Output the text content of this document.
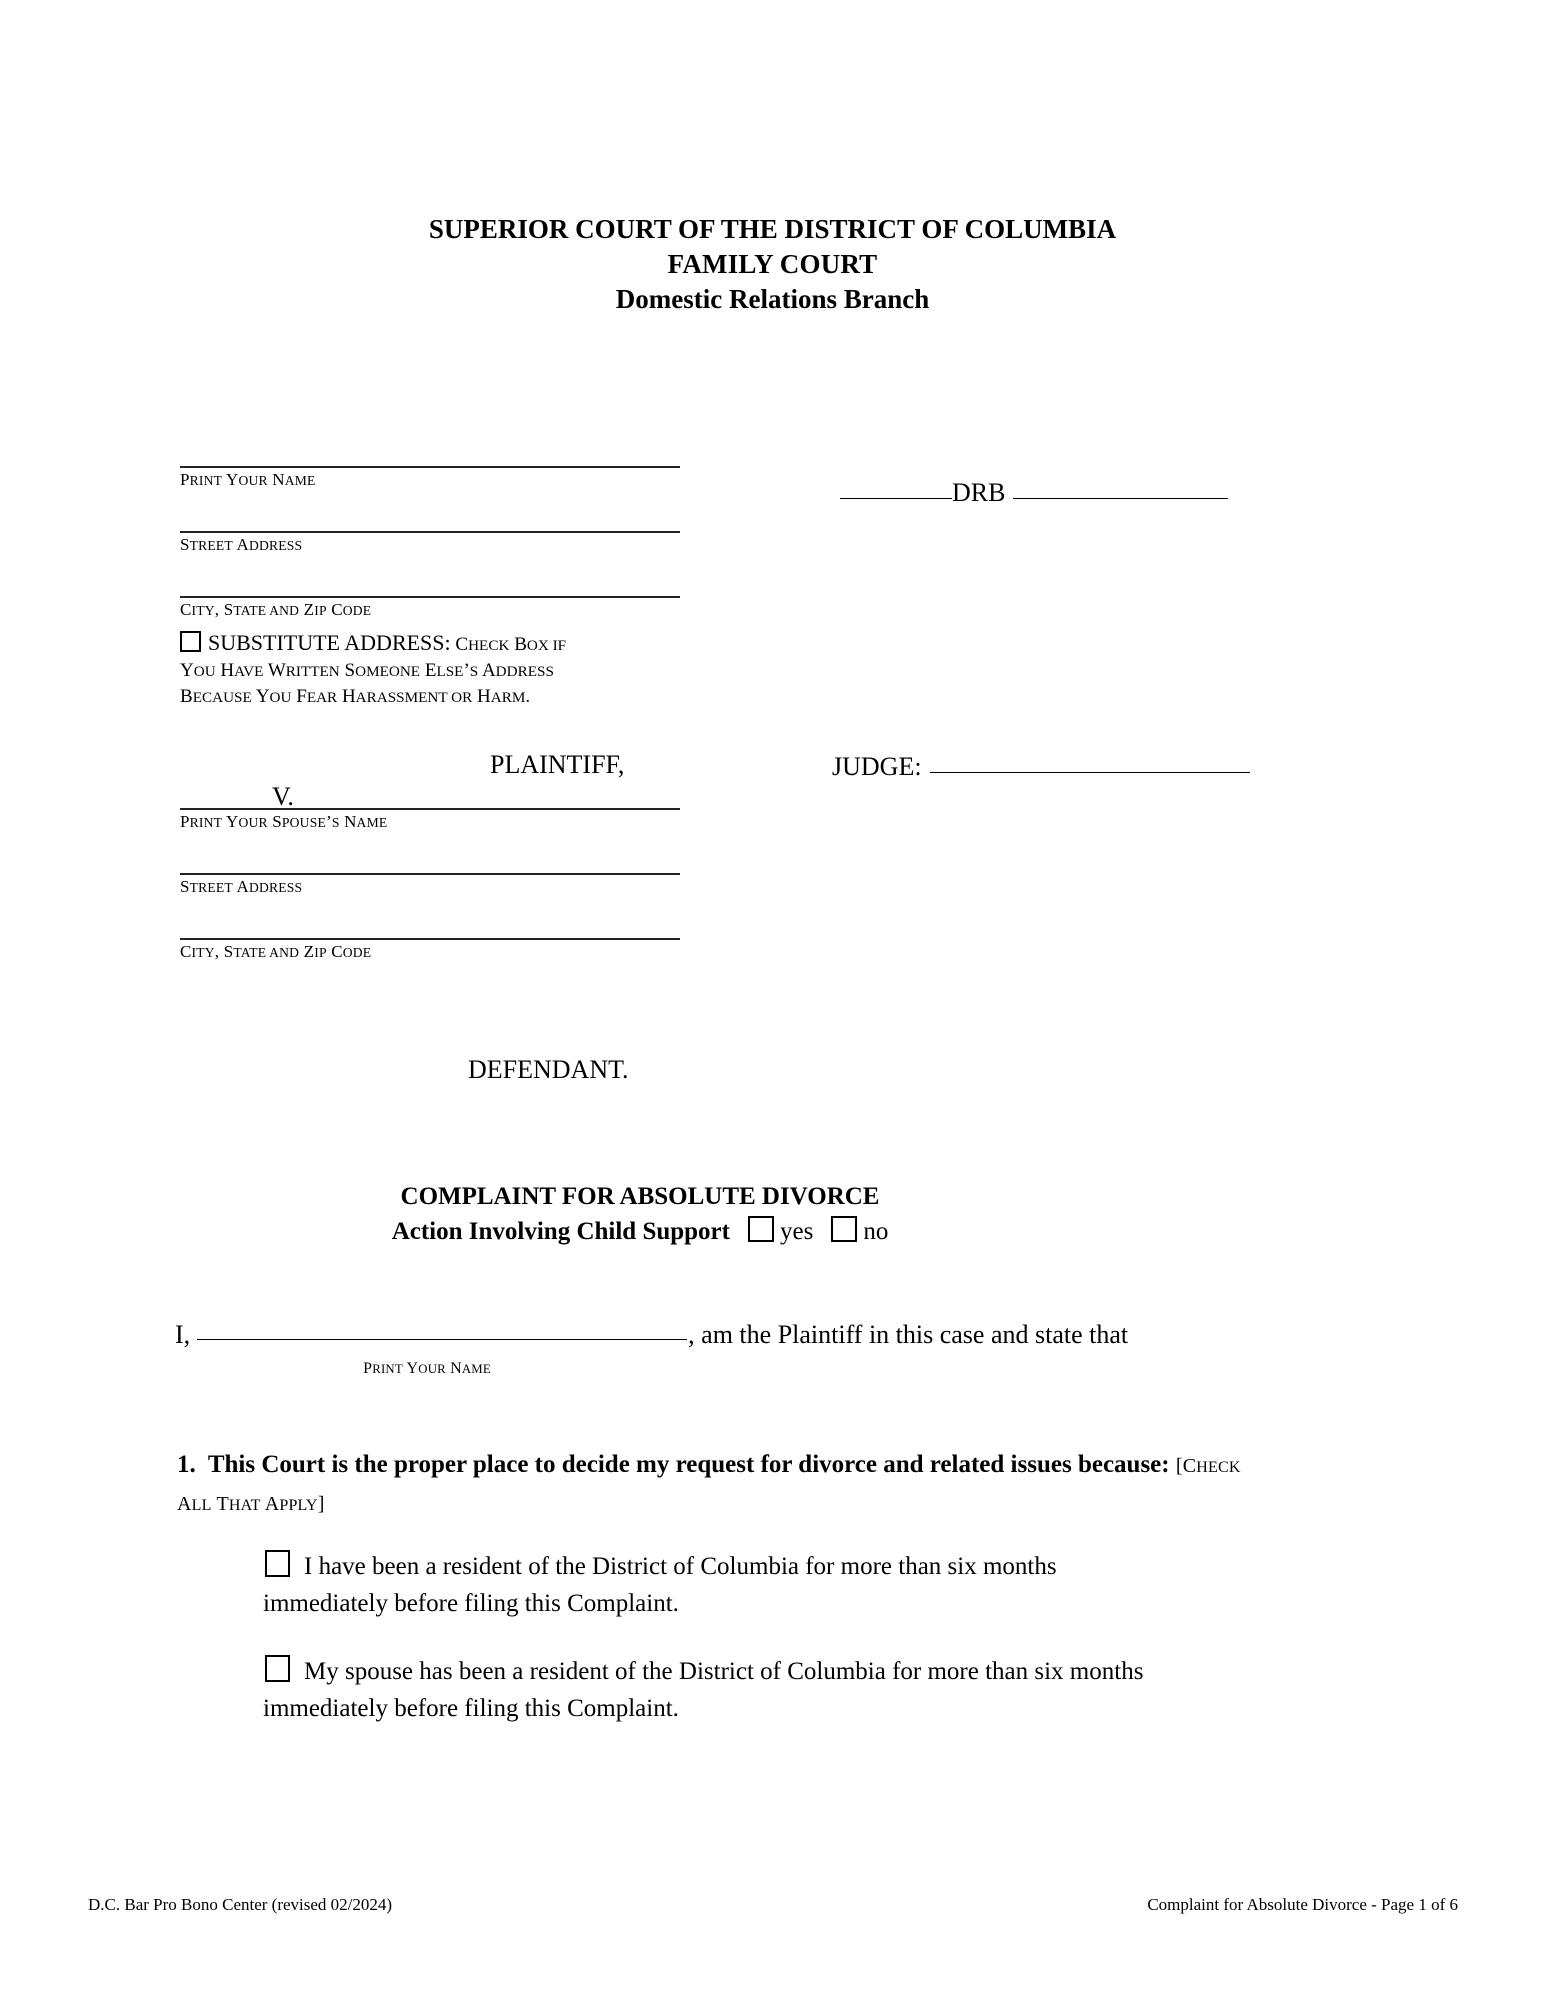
SUPERIOR COURT OF THE DISTRICT OF COLUMBIA
FAMILY COURT
Domestic Relations Branch
PRINT YOUR NAME
STREET ADDRESS
CITY, STATE AND ZIP CODE
SUBSTITUTE ADDRESS: CHECK BOX IF
YOU HAVE WRITTEN SOMEONE ELSE’S ADDRESS
BECAUSE YOU FEAR HARASSMENT OR HARM.
DRB
JUDGE:
PLAINTIFF,
V.
PRINT YOUR SPOUSE’S NAME
STREET ADDRESS
CITY, STATE AND ZIP CODE
DEFENDANT.
COMPLAINT FOR ABSOLUTE DIVORCE
Action Involving Child Support yes no
I,	, am the Plaintiff in this case and state that
PRINT YOUR NAME
1. This Court is the proper place to decide my request for divorce and related issues because: [CHECK ALL THAT APPLY]
I have been a resident of the District of Columbia for more than six months
immediately before filing this Complaint.
My spouse has been a resident of the District of Columbia for more than six months
immediately before filing this Complaint.
D.C. Bar Pro Bono Center (revised 02/2024)	Complaint for Absolute Divorce - Page 1 of 6
